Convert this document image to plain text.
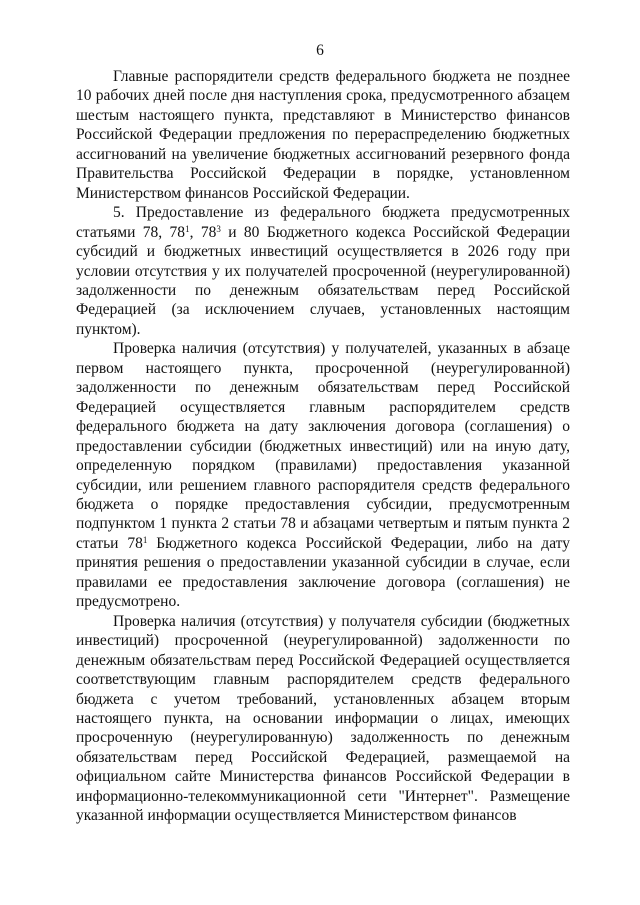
6

Главные распорядители средств федерального бюджета не позднее 10 рабочих дней после дня наступления срока, предусмотренного абзацем шестым настоящего пункта, представляют в Министерство финансов Российской Федерации предложения по перераспределению бюджетных ассигнований на увеличение бюджетных ассигнований резервного фонда Правительства Российской Федерации в порядке, установленном Министерством финансов Российской Федерации.

5. Предоставление из федерального бюджета предусмотренных статьями 78, $78^1$, $78^3$ и 80 Бюджетного кодекса Российской Федерации субсидий и бюджетных инвестиций осуществляется в 2026 году при условии отсутствия у их получателей просроченной (неурегулированной) задолженности по денежным обязательствам перед Российской Федерацией (за исключением случаев, установленных настоящим пунктом).

Проверка наличия (отсутствия) у получателей, указанных в абзаце первом настоящего пункта, просроченной (неурегулированной) задолженности по денежным обязательствам перед Российской Федерацией осуществляется главным распорядителем средств федерального бюджета на дату заключения договора (соглашения) о предоставлении субсидии (бюджетных инвестиций) или на иную дату, определенную порядком (правилами) предоставления указанной субсидии, или решением главного распорядителя средств федерального бюджета о порядке предоставления субсидии, предусмотренным подпунктом 1 пункта 2 статьи 78 и абзацами четвертым и пятым пункта 2 статьи $78^1$ Бюджетного кодекса Российской Федерации, либо на дату принятия решения о предоставлении указанной субсидии в случае, если правилами ее предоставления заключение договора (соглашения) не предусмотрено.

Проверка наличия (отсутствия) у получателя субсидии (бюджетных инвестиций) просроченной (неурегулированной) задолженности по денежным обязательствам перед Российской Федерацией осуществляется соответствующим главным распорядителем средств федерального бюджета с учетом требований, установленных абзацем вторым настоящего пункта, на основании информации о лицах, имеющих просроченную (неурегулированную) задолженность по денежным обязательствам перед Российской Федерацией, размещаемой на официальном сайте Министерства финансов Российской Федерации в информационно-телекоммуникационной сети "Интернет". Размещение указанной информации осуществляется Министерством финансов
